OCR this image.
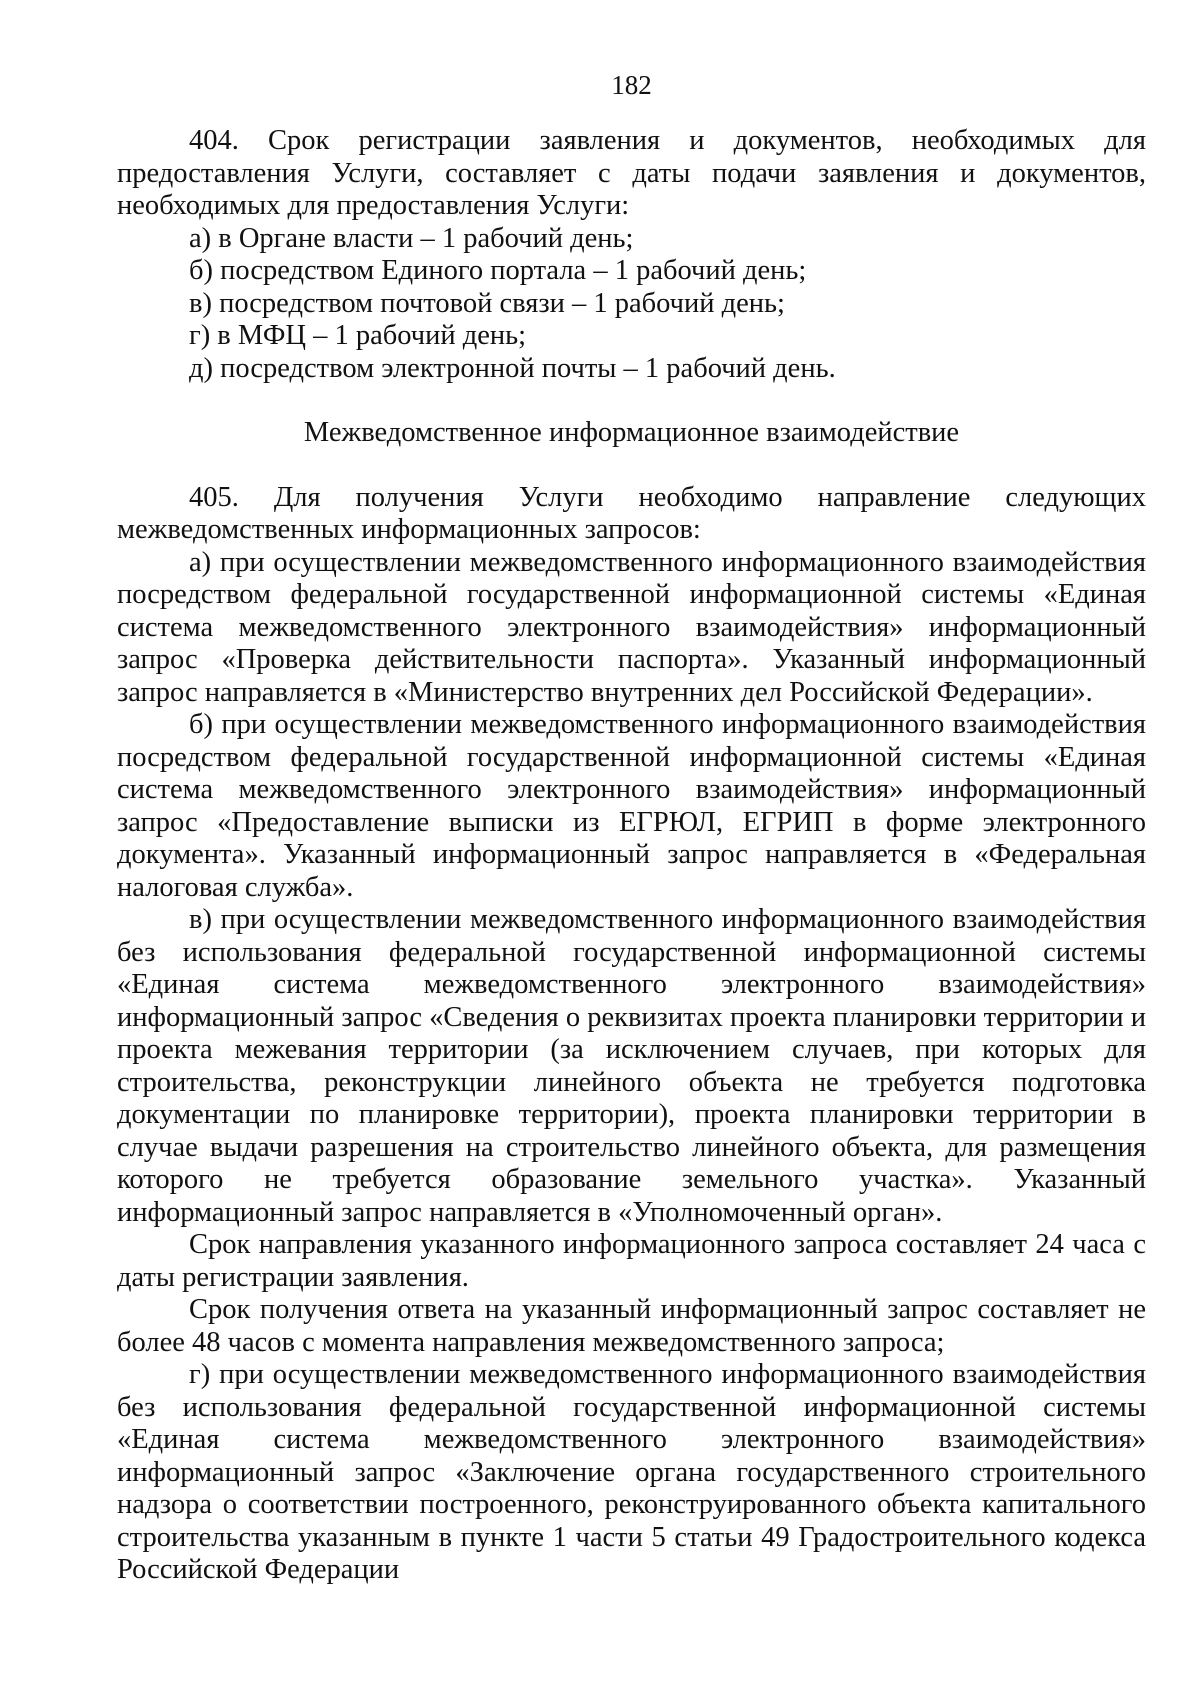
182

404. Срок регистрации заявления и документов, необходимых для предоставления Услуги, составляет с даты подачи заявления и документов, необходимых для предоставления Услуги:

а) в Органе власти – 1 рабочий день;

б) посредством Единого портала – 1 рабочий день;

в) посредством почтовой связи – 1 рабочий день;

г) в МФЦ – 1 рабочий день;

д) посредством электронной почты – 1 рабочий день.

Межведомственное информационное взаимодействие

405. Для получения Услуги необходимо направление следующих межведомственных информационных запросов:

а) при осуществлении межведомственного информационного взаимодействия посредством федеральной государственной информационной системы «Единая система межведомственного электронного взаимодействия» информационный запрос «Проверка действительности паспорта». Указанный информационный запрос направляется в «Министерство внутренних дел Российской Федерации».

б) при осуществлении межведомственного информационного взаимодействия посредством федеральной государственной информационной системы «Единая система межведомственного электронного взаимодействия» информационный запрос «Предоставление выписки из ЕГРЮЛ, ЕГРИП в форме электронного документа». Указанный информационный запрос направляется в «Федеральная налоговая служба».

в) при осуществлении межведомственного информационного взаимодействия без использования федеральной государственной информационной системы «Единая система межведомственного электронного взаимодействия» информационный запрос «Сведения о реквизитах проекта планировки территории и проекта межевания территории (за исключением случаев, при которых для строительства, реконструкции линейного объекта не требуется подготовка документации по планировке территории), проекта планировки территории в случае выдачи разрешения на строительство линейного объекта, для размещения которого не требуется образование земельного участка». Указанный информационный запрос направляется в «Уполномоченный орган».

Срок направления указанного информационного запроса составляет 24 часа с даты регистрации заявления.

Срок получения ответа на указанный информационный запрос составляет не более 48 часов с момента направления межведомственного запроса;

г) при осуществлении межведомственного информационного взаимодействия без использования федеральной государственной информационной системы «Единая система межведомственного электронного взаимодействия» информационный запрос «Заключение органа государственного строительного надзора о соответствии построенного, реконструированного объекта капитального строительства указанным в пункте 1 части 5 статьи 49 Градостроительного кодекса Российской Федерации
